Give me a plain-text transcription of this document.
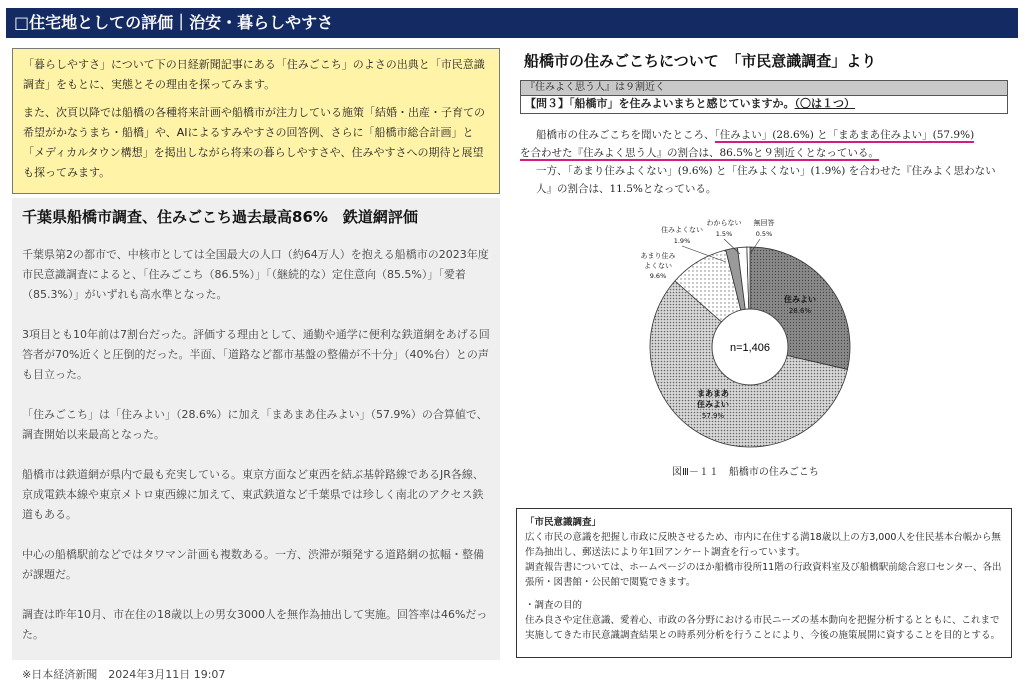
□住宅地としての評価｜治安・暮らしやすさ

「暮らしやすさ」について下の日経新聞記事にある「住みごこち」のよさの出典と「市民意識調査」をもとに、実態とその理由を探ってみます。

また、次頁以降では船橋の各種将来計画や船橋市が注力している施策「結婚・出産・子育ての希望がかなうまち・船橋」や、AIによるすみやすさの回答例、さらに「船橋市総合計画」と「メディカルタウン構想」を掲出しながら将来の暮らしやすさや、住みやすさへの期待と展望も探ってみます。

千葉県船橋市調査、住みごこち過去最高86%　鉄道網評価

千葉県第2の都市で、中核市としては全国最大の人口（約64万人）を抱える船橋市の2023年度市民意識調査によると、「住みごこち（86.5%）」「（継続的な）定住意向（85.5%）」「愛着（85.3%）」がいずれも高水準となった。

3項目とも10年前は7割台だった。評価する理由として、通勤や通学に便利な鉄道網をあげる回答者が70%近くと圧倒的だった。半面、「道路など都市基盤の整備が不十分」（40%台）との声も目立った。

「住みごこち」は「住みよい」（28.6%）に加え「まあまあ住みよい」（57.9%）の合算値で、調査開始以来最高となった。

船橋市は鉄道網が県内で最も充実している。東京方面など東西を結ぶ基幹路線であるJR各線、京成電鉄本線や東京メトロ東西線に加えて、東武鉄道など千葉県では珍しく南北のアクセス鉄道もある。

中心の船橋駅前などではタワマン計画も複数ある。一方、渋滞が頻発する道路網の拡幅・整備が課題だ。

調査は昨年10月、市在住の18歳以上の男女3000人を無作為抽出して実施。回答率は46%だった。

※日本経済新聞　2024年3月11日 19:07

船橋市の住みごこちについて　「市民意識調査」より
『住みよく思う人』は９割近く
【問３】「船橋市」を住みよいまちと感じていますか。（〇は１つ）
船橋市の住みごこちを聞いたところ、「住みよい」(28.6%) と「まあまあ住みよい」(57.9%)
を合わせた『住みよく思う人』の割合は、86.5%と９割近くとなっている。
一方、「あまり住みよくない」(9.6%) と「住みよくない」(1.9%) を合わせた『住みよく思わない人』の割合は、11.5%となっている。
n=1,406
住みよい
28.6%
まあまあ
住みよい
57.9%
あまり住み
よくない
9.6%
住みよくない
1.9%
わからない
1.5%
無回答
0.5%
図Ⅲ－１１　船橋市の住みごこち
「市民意識調査」
広く市民の意識を把握し市政に反映させるため、市内に在住する満18歳以上の方3,000人を住民基本台帳から無作為抽出し、郵送法により年1回アンケート調査を行っています。
調査報告書については、ホームページのほか船橋市役所11階の行政資料室及び船橋駅前総合窓口センター、各出張所・図書館・公民館で閲覧できます。
・調査の目的
住み良さや定住意識、愛着心、市政の各分野における市民ニーズの基本動向を把握分析するとともに、これまで実施してきた市民意識調査結果との時系列分析を行うことにより、今後の施策展開に資することを目的とする。
